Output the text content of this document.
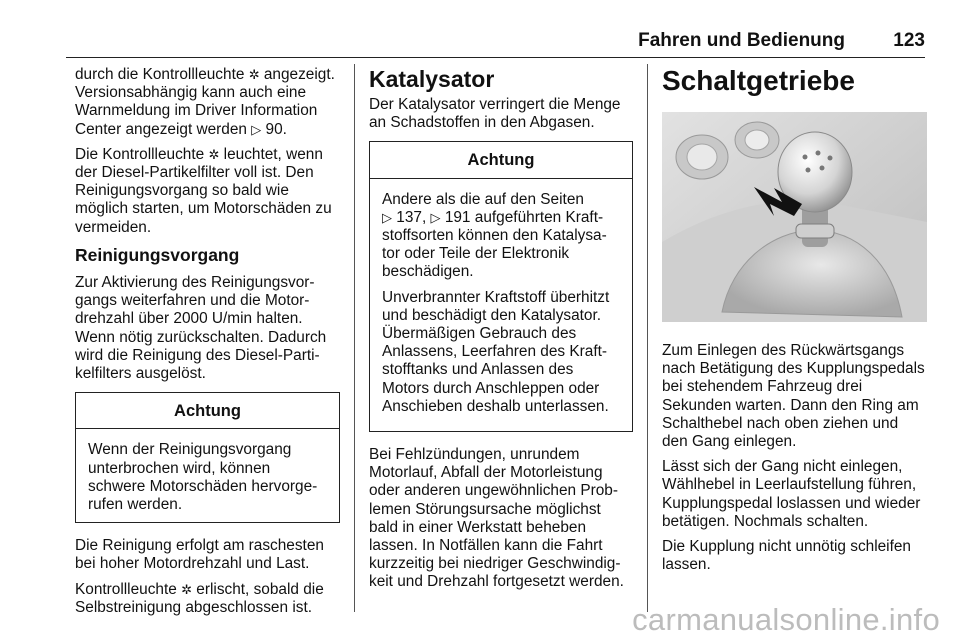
Fahren und Bedienung	123

durch die Kontrollleuchte ✲ angezeigt. Versionsabhängig kann auch eine Warnmeldung im Driver Information Center angezeigt werden ▷ 90.

Die Kontrollleuchte ✲ leuchtet, wenn der Diesel-Partikelfilter voll ist. Den Reinigungsvorgang so bald wie möglich starten, um Motorschäden zu vermeiden.

Reinigungsvorgang

Zur Aktivierung des Reinigungsvorgangs weiterfahren und die Motordrehzahl über 2000 U/min halten. Wenn nötig zurückschalten. Dadurch wird die Reinigung des Diesel-Partikelfilters ausgelöst.

Achtung
Wenn der Reinigungsvorgang unterbrochen wird, können schwere Motorschäden hervorgerufen werden.

Die Reinigung erfolgt am raschesten bei hoher Motordrehzahl und Last.

Kontrollleuchte ✲ erlischt, sobald die Selbstreinigung abgeschlossen ist.

Katalysator

Der Katalysator verringert die Menge an Schadstoffen in den Abgasen.

Achtung

Andere als die auf den Seiten
▷ 137, ▷ 191 aufgeführten Kraftstoffsorten können den Katalysator oder Teile der Elektronik beschädigen.

Unverbrannter Kraftstoff überhitzt und beschädigt den Katalysator. Übermäßigen Gebrauch des Anlassens, Leerfahren des Kraftstofftanks und Anlassen des Motors durch Anschleppen oder Anschieben deshalb unterlassen.

Bei Fehlzündungen, unrundem Motorlauf, Abfall der Motorleistung oder anderen ungewöhnlichen Problemen Störungsursache möglichst bald in einer Werkstatt beheben lassen. In Notfällen kann die Fahrt kurzzeitig bei niedriger Geschwindigkeit und Drehzahl fortgesetzt werden.

Schaltgetriebe

Zum Einlegen des Rückwärtsgangs nach Betätigung des Kupplungspedals bei stehendem Fahrzeug drei Sekunden warten. Dann den Ring am Schalthebel nach oben ziehen und den Gang einlegen.

Lässt sich der Gang nicht einlegen, Wählhebel in Leerlaufstellung führen, Kupplungspedal loslassen und wieder betätigen. Nochmals schalten.

Die Kupplung nicht unnötig schleifen lassen.

carmanualsonline.info
